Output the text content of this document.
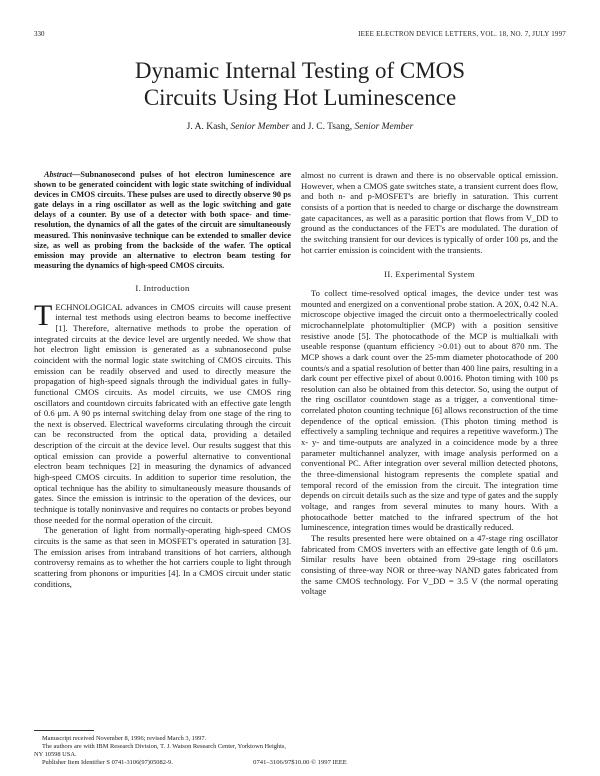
330	IEEE ELECTRON DEVICE LETTERS, VOL. 18, NO. 7, JULY 1997
Dynamic Internal Testing of CMOS
Circuits Using Hot Luminescence
J. A. Kash, Senior Member and J. C. Tsang, Senior Member

Abstract—Subnanosecond pulses of hot electron luminescence are shown to be generated coincident with logic state switching of individual devices in CMOS circuits. These pulses are used to directly observe 90 ps gate delays in a ring oscillator as well as the logic switching and gate delays of a counter. By use of a detector with both space- and time-resolution, the dynamics of all the gates of the circuit are simultaneously measured. This noninvasive technique can be extended to smaller device size, as well as probing from the backside of the wafer. The optical emission may provide an alternative to electron beam testing for measuring the dynamics of high-speed CMOS circuits.

I. Introduction

TECHNOLOGICAL advances in CMOS circuits will cause present internal test methods using electron beams to become ineffective [1]. Therefore, alternative methods to probe the operation of integrated circuits at the device level are urgently needed. We show that hot electron light emission is generated as a subnanosecond pulse coincident with the normal logic state switching of CMOS circuits. This emission can be readily observed and used to directly measure the propagation of high-speed signals through the individual gates in fully-functional CMOS circuits. As model circuits, we use CMOS ring oscillators and countdown circuits fabricated with an effective gate length of 0.6 μm. A 90 ps internal switching delay from one stage of the ring to the next is observed. Electrical waveforms circulating through the circuit can be reconstructed from the optical data, providing a detailed description of the circuit at the device level. Our results suggest that this optical emission can provide a powerful alternative to conventional electron beam techniques [2] in measuring the dynamics of advanced high-speed CMOS circuits. In addition to superior time resolution, the optical technique has the ability to simultaneously measure thousands of gates. Since the emission is intrinsic to the operation of the devices, our technique is totally noninvasive and requires no contacts or probes beyond those needed for the normal operation of the circuit.

The generation of light from normally-operating high-speed CMOS circuits is the same as that seen in MOSFET's operated in saturation [3]. The emission arises from intraband transitions of hot carriers, although controversy remains as to whether the hot carriers couple to light through scattering from phonons or impurities [4]. In a CMOS circuit under static conditions,

almost no current is drawn and there is no observable optical emission. However, when a CMOS gate switches state, a transient current does flow, and both n- and p-MOSFET's are briefly in saturation. This current consists of a portion that is needed to charge or discharge the downstream gate capacitances, as well as a parasitic portion that flows from V_DD to ground as the conductances of the FET's are modulated. The duration of the switching transient for our devices is typically of order 100 ps, and the hot carrier emission is coincident with the transients.

II. Experimental System

To collect time-resolved optical images, the device under test was mounted and energized on a conventional probe station. A 20X, 0.42 N.A. microscope objective imaged the circuit onto a thermoelectrically cooled microchannelplate photomultiplier (MCP) with a position sensitive resistive anode [5]. The photocathode of the MCP is multialkali with useable response (quantum efficiency >0.01) out to about 870 nm. The MCP shows a dark count over the 25-mm diameter photocathode of 200 counts/s and a spatial resolution of better than 400 line pairs, resulting in a dark count per effective pixel of about 0.0016. Photon timing with 100 ps resolution can also be obtained from this detector. So, using the output of the ring oscillator countdown stage as a trigger, a conventional time-correlated photon counting technique [6] allows reconstruction of the time dependence of the optical emission. (This photon timing method is effectively a sampling technique and requires a repetitive waveform.) The x- y- and time-outputs are analyzed in a coincidence mode by a three parameter multichannel analyzer, with image analysis performed on a conventional PC. After integration over several million detected photons, the three-dimensional histogram represents the complete spatial and temporal record of the emission from the circuit. The integration time depends on circuit details such as the size and type of gates and the supply voltage, and ranges from several minutes to many hours. With a photocathode better matched to the infrared spectrum of the hot luminescence, integration times would be drastically reduced.

The results presented here were obtained on a 47-stage ring oscillator fabricated from CMOS inverters with an effective gate length of 0.6 μm. Similar results have been obtained from 29-stage ring oscillators consisting of three-way NOR or three-way NAND gates fabricated from the same CMOS technology. For V_DD = 3.5 V (the normal operating voltage

Manuscript received November 8, 1996; revised March 3, 1997.
The authors are with IBM Research Division, T. J. Watson Research Center, Yorktown Heights, NY 10598 USA.
Publisher Item Identifier S 0741-3106(97)05082-9.	0741–3106/97$10.00 © 1997 IEEE
